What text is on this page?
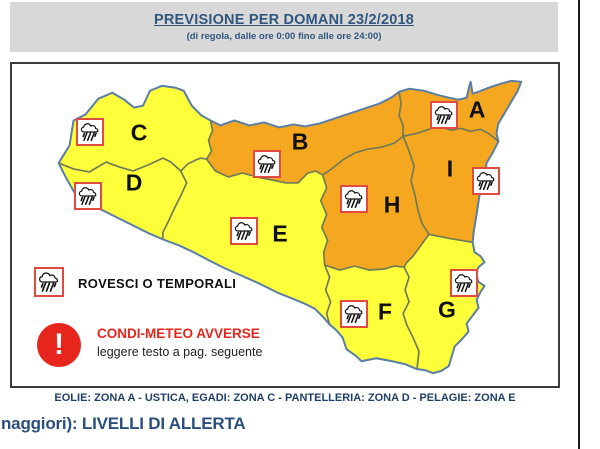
PREVISIONE PER DOMANI 23/2/2018
(di regola, dalle ore 0:00 fino alle ore 24:00)
ROVESCI O TEMPORALI
! CONDI-METEO AVVERSE
leggere testo a pag. seguente
A
B
C
D
E
F G
H
I
EOLIE: ZONA A - USTICA, EGADI: ZONA C - PANTELLERIA: ZONA D - PELAGIE: ZONA E
naggiori): LIVELLI DI ALLERTA
